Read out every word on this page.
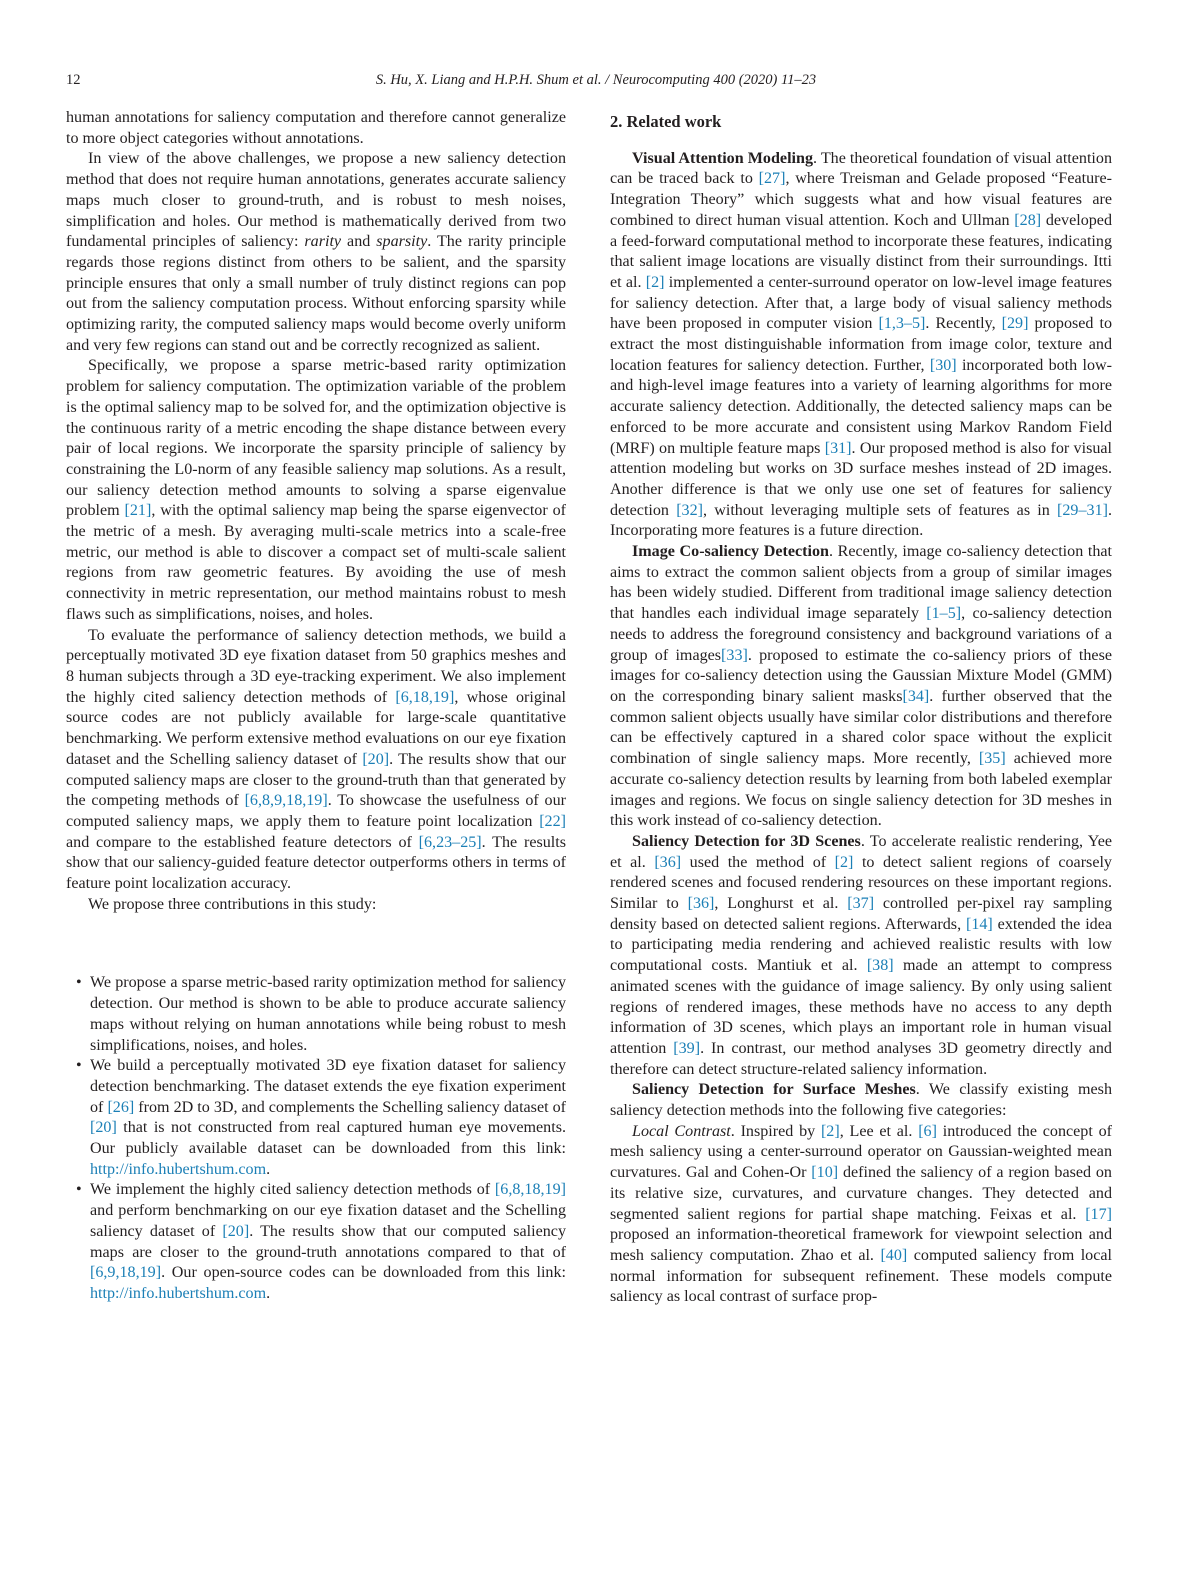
12	S. Hu, X. Liang and H.P.H. Shum et al. / Neurocomputing 400 (2020) 11–23

human annotations for saliency computation and therefore cannot generalize to more object categories without annotations.

In view of the above challenges, we propose a new saliency detection method that does not require human annotations, generates accurate saliency maps much closer to ground-truth, and is robust to mesh noises, simplification and holes. Our method is mathematically derived from two fundamental principles of saliency: rarity and sparsity. The rarity principle regards those regions distinct from others to be salient, and the sparsity principle ensures that only a small number of truly distinct regions can pop out from the saliency computation process. Without enforcing sparsity while optimizing rarity, the computed saliency maps would become overly uniform and very few regions can stand out and be correctly recognized as salient.

Specifically, we propose a sparse metric-based rarity optimization problem for saliency computation. The optimization variable of the problem is the optimal saliency map to be solved for, and the optimization objective is the continuous rarity of a metric encoding the shape distance between every pair of local regions. We incorporate the sparsity principle of saliency by constraining the L0-norm of any feasible saliency map solutions. As a result, our saliency detection method amounts to solving a sparse eigenvalue problem [21], with the optimal saliency map being the sparse eigenvector of the metric of a mesh. By averaging multi-scale metrics into a scale-free metric, our method is able to discover a compact set of multi-scale salient regions from raw geometric features. By avoiding the use of mesh connectivity in metric representation, our method maintains robust to mesh flaws such as simplifications, noises, and holes.

To evaluate the performance of saliency detection methods, we build a perceptually motivated 3D eye fixation dataset from 50 graphics meshes and 8 human subjects through a 3D eye-tracking experiment. We also implement the highly cited saliency detection methods of [6,18,19], whose original source codes are not publicly available for large-scale quantitative benchmarking. We perform extensive method evaluations on our eye fixation dataset and the Schelling saliency dataset of [20]. The results show that our computed saliency maps are closer to the ground-truth than that generated by the competing methods of [6,8,9,18,19]. To showcase the usefulness of our computed saliency maps, we apply them to feature point localization [22] and compare to the established feature detectors of [6,23–25]. The results show that our saliency-guided feature detector outperforms others in terms of feature point localization accuracy.

We propose three contributions in this study:

• We propose a sparse metric-based rarity optimization method for saliency detection. Our method is shown to be able to produce accurate saliency maps without relying on human annotations while being robust to mesh simplifications, noises, and holes.
• We build a perceptually motivated 3D eye fixation dataset for saliency detection benchmarking. The dataset extends the eye fixation experiment of [26] from 2D to 3D, and complements the Schelling saliency dataset of [20] that is not constructed from real captured human eye movements. Our publicly available dataset can be downloaded from this link: http://info.hubertshum.com.
• We implement the highly cited saliency detection methods of [6,8,18,19] and perform benchmarking on our eye fixation dataset and the Schelling saliency dataset of [20]. The results show that our computed saliency maps are closer to the ground-truth annotations compared to that of [6,9,18,19]. Our open-source codes can be downloaded from this link: http://info.hubertshum.com.
2. Related work

Visual Attention Modeling. The theoretical foundation of visual attention can be traced back to [27], where Treisman and Gelade proposed “Feature-Integration Theory” which suggests what and how visual features are combined to direct human visual attention. Koch and Ullman [28] developed a feed-forward computational method to incorporate these features, indicating that salient image locations are visually distinct from their surroundings. Itti et al. [2] implemented a center-surround operator on low-level image features for saliency detection. After that, a large body of visual saliency methods have been proposed in computer vision [1,3–5]. Recently, [29] proposed to extract the most distinguishable information from image color, texture and location features for saliency detection. Further, [30] incorporated both low- and high-level image features into a variety of learning algorithms for more accurate saliency detection. Additionally, the detected saliency maps can be enforced to be more accurate and consistent using Markov Random Field (MRF) on multiple feature maps [31]. Our proposed method is also for visual attention modeling but works on 3D surface meshes instead of 2D images. Another difference is that we only use one set of features for saliency detection [32], without leveraging multiple sets of features as in [29–31]. Incorporating more features is a future direction.

Image Co-saliency Detection. Recently, image co-saliency detection that aims to extract the common salient objects from a group of similar images has been widely studied. Different from traditional image saliency detection that handles each individual image separately [1–5], co-saliency detection needs to address the foreground consistency and background variations of a group of images[33]. proposed to estimate the co-saliency priors of these images for co-saliency detection using the Gaussian Mixture Model (GMM) on the corresponding binary salient masks[34]. further observed that the common salient objects usually have similar color distributions and therefore can be effectively captured in a shared color space without the explicit combination of single saliency maps. More recently, [35] achieved more accurate co-saliency detection results by learning from both labeled exemplar images and regions. We focus on single saliency detection for 3D meshes in this work instead of co-saliency detection.

Saliency Detection for 3D Scenes. To accelerate realistic rendering, Yee et al. [36] used the method of [2] to detect salient regions of coarsely rendered scenes and focused rendering resources on these important regions. Similar to [36], Longhurst et al. [37] controlled per-pixel ray sampling density based on detected salient regions. Afterwards, [14] extended the idea to participating media rendering and achieved realistic results with low computational costs. Mantiuk et al. [38] made an attempt to compress animated scenes with the guidance of image saliency. By only using salient regions of rendered images, these methods have no access to any depth information of 3D scenes, which plays an important role in human visual attention [39]. In contrast, our method analyses 3D geometry directly and therefore can detect structure-related saliency information.

Saliency Detection for Surface Meshes. We classify existing mesh saliency detection methods into the following five categories:

Local Contrast. Inspired by [2], Lee et al. [6] introduced the concept of mesh saliency using a center-surround operator on Gaussian-weighted mean curvatures. Gal and Cohen-Or [10] defined the saliency of a region based on its relative size, curvatures, and curvature changes. They detected and segmented salient regions for partial shape matching. Feixas et al. [17] proposed an information-theoretical framework for viewpoint selection and mesh saliency computation. Zhao et al. [40] computed saliency from local normal information for subsequent refinement. These models compute saliency as local contrast of surface prop-
